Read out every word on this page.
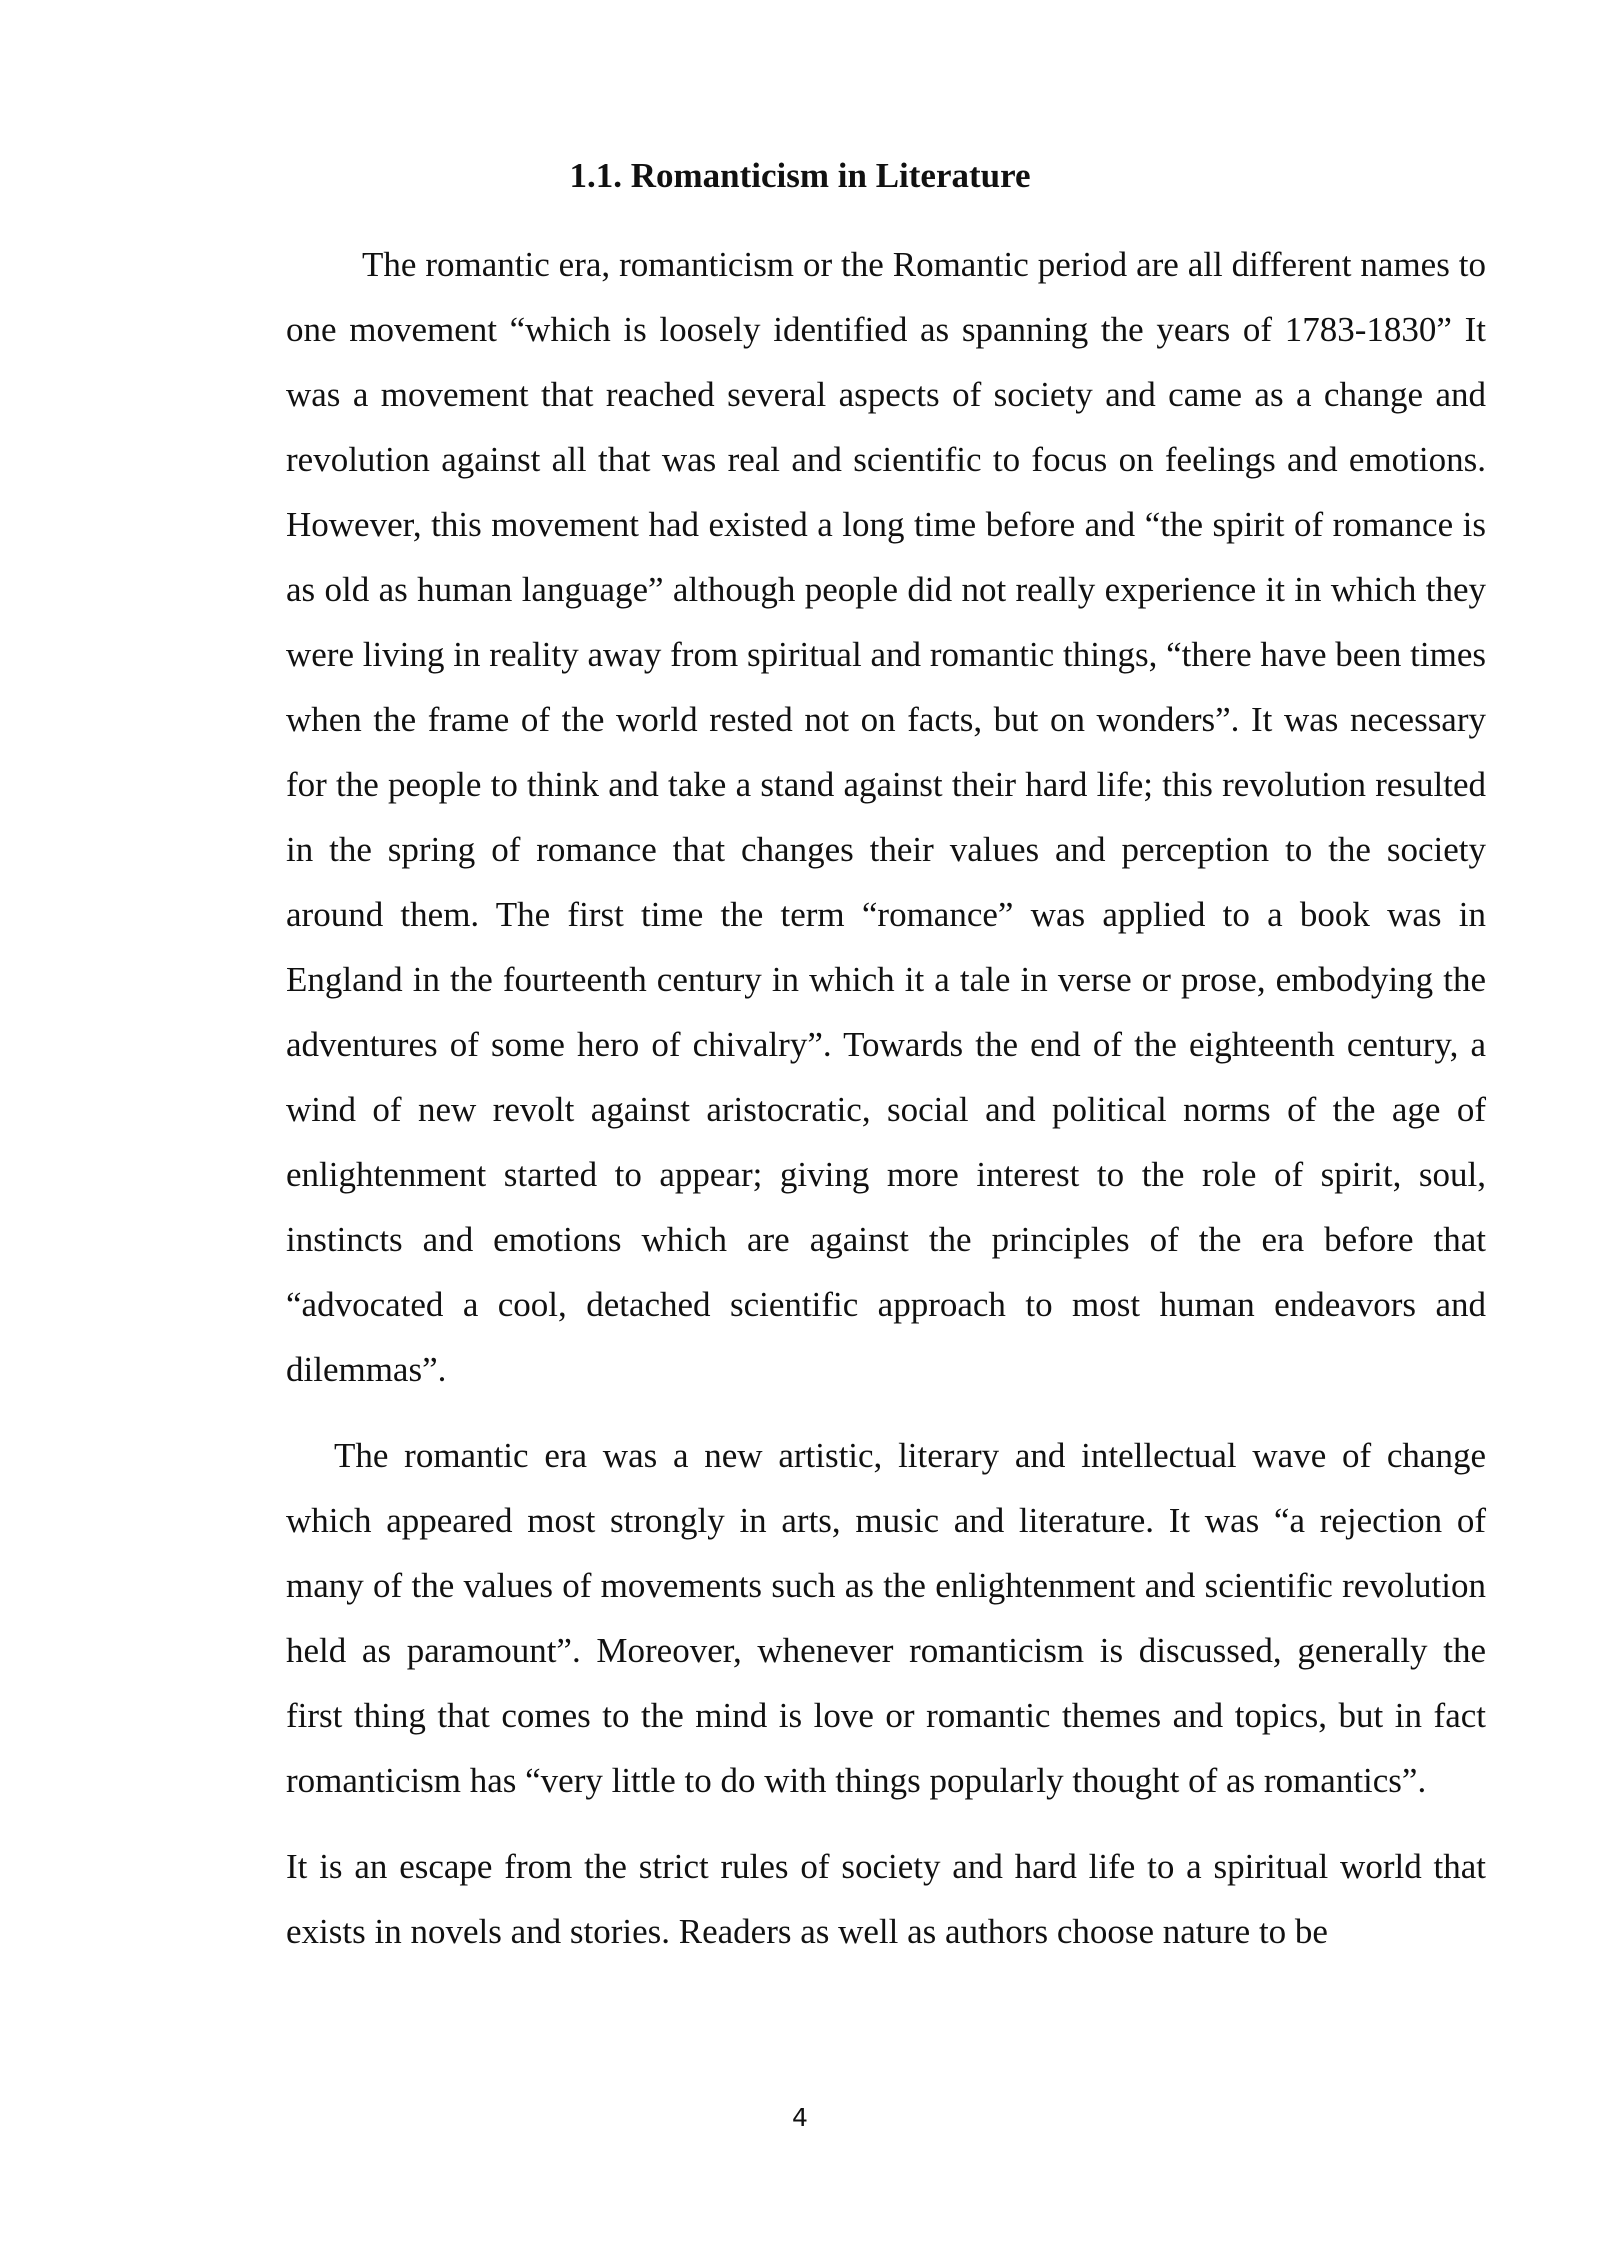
1.1. Romanticism in Literature

The romantic era, romanticism or the Romantic period are all different names to one movement “which is loosely identified as spanning the years of 1783-1830” It was a movement that reached several aspects of society and came as a change and revolution against all that was real and scientific to focus on feelings and emotions. However, this movement had existed a long time before and “the spirit of romance is as old as human language” although people did not really experience it in which they were living in reality away from spiritual and romantic things, “there have been times when the frame of the world rested not on facts, but on wonders”. It was necessary for the people to think and take a stand against their hard life; this revolution resulted in the spring of romance that changes their values and perception to the society around them. The first time the term “romance” was applied to a book was in England in the fourteenth century in which it a tale in verse or prose, embodying the adventures of some hero of chivalry”. Towards the end of the eighteenth century, a wind of new revolt against aristocratic, social and political norms of the age of enlightenment started to appear; giving more interest to the role of spirit, soul, instincts and emotions which are against the principles of the era before that “advocated a cool, detached scientific approach to most human endeavors and dilemmas”.

The romantic era was a new artistic, literary and intellectual wave of change which appeared most strongly in arts, music and literature. It was “a rejection of many of the values of movements such as the enlightenment and scientific revolution held as paramount”. Moreover, whenever romanticism is discussed, generally the first thing that comes to the mind is love or romantic themes and topics, but in fact romanticism has “very little to do with things popularly thought of as romantics”.

It is an escape from the strict rules of society and hard life to a spiritual world that exists in novels and stories. Readers as well as authors choose nature to be

4
